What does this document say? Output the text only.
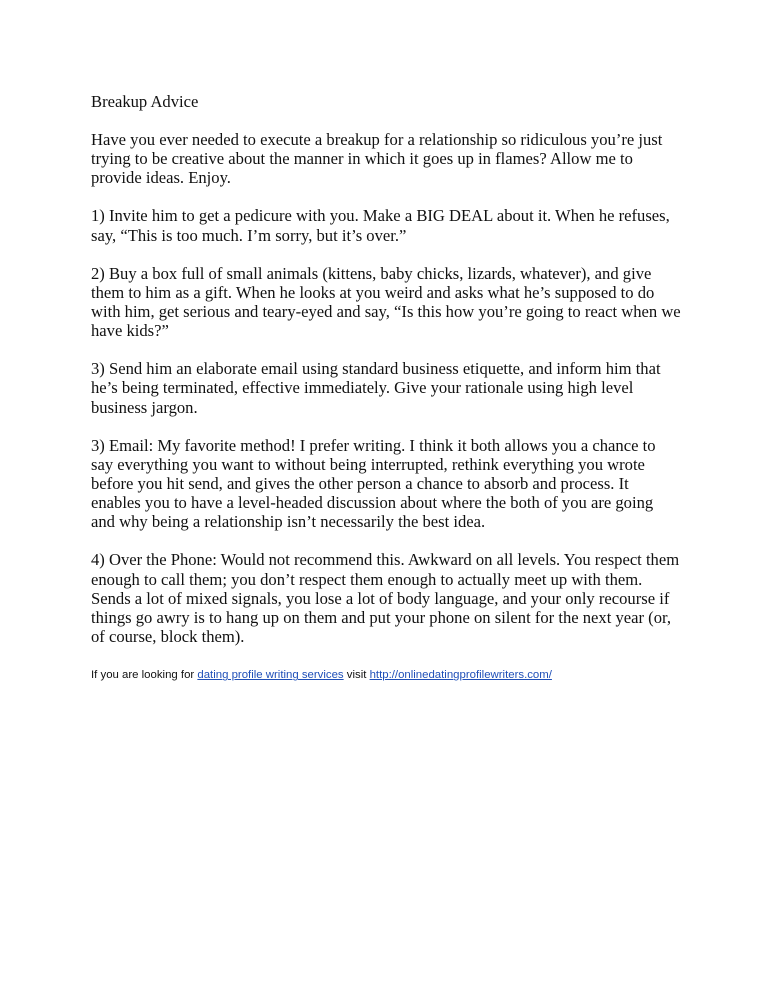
Breakup Advice

Have you ever needed to execute a breakup for a relationship so ridiculous you’re just trying to be creative about the manner in which it goes up in flames? Allow me to provide ideas. Enjoy.

1) Invite him to get a pedicure with you. Make a BIG DEAL about it. When he refuses, say, “This is too much. I’m sorry, but it’s over.”

2) Buy a box full of small animals (kittens, baby chicks, lizards, whatever), and give them to him as a gift. When he looks at you weird and asks what he’s supposed to do with him, get serious and teary-eyed and say, “Is this how you’re going to react when we have kids?”

3) Send him an elaborate email using standard business etiquette, and inform him that he’s being terminated, effective immediately. Give your rationale using high level business jargon.

3) Email: My favorite method! I prefer writing. I think it both allows you a chance to say everything you want to without being interrupted, rethink everything you wrote before you hit send, and gives the other person a chance to absorb and process. It enables you to have a level-headed discussion about where the both of you are going and why being a relationship isn’t necessarily the best idea.

4) Over the Phone: Would not recommend this. Awkward on all levels. You respect them enough to call them; you don’t respect them enough to actually meet up with them. Sends a lot of mixed signals, you lose a lot of body language, and your only recourse if things go awry is to hang up on them and put your phone on silent for the next year (or, of course, block them).

If you are looking for dating profile writing services visit http://onlinedatingprofilewriters.com/
